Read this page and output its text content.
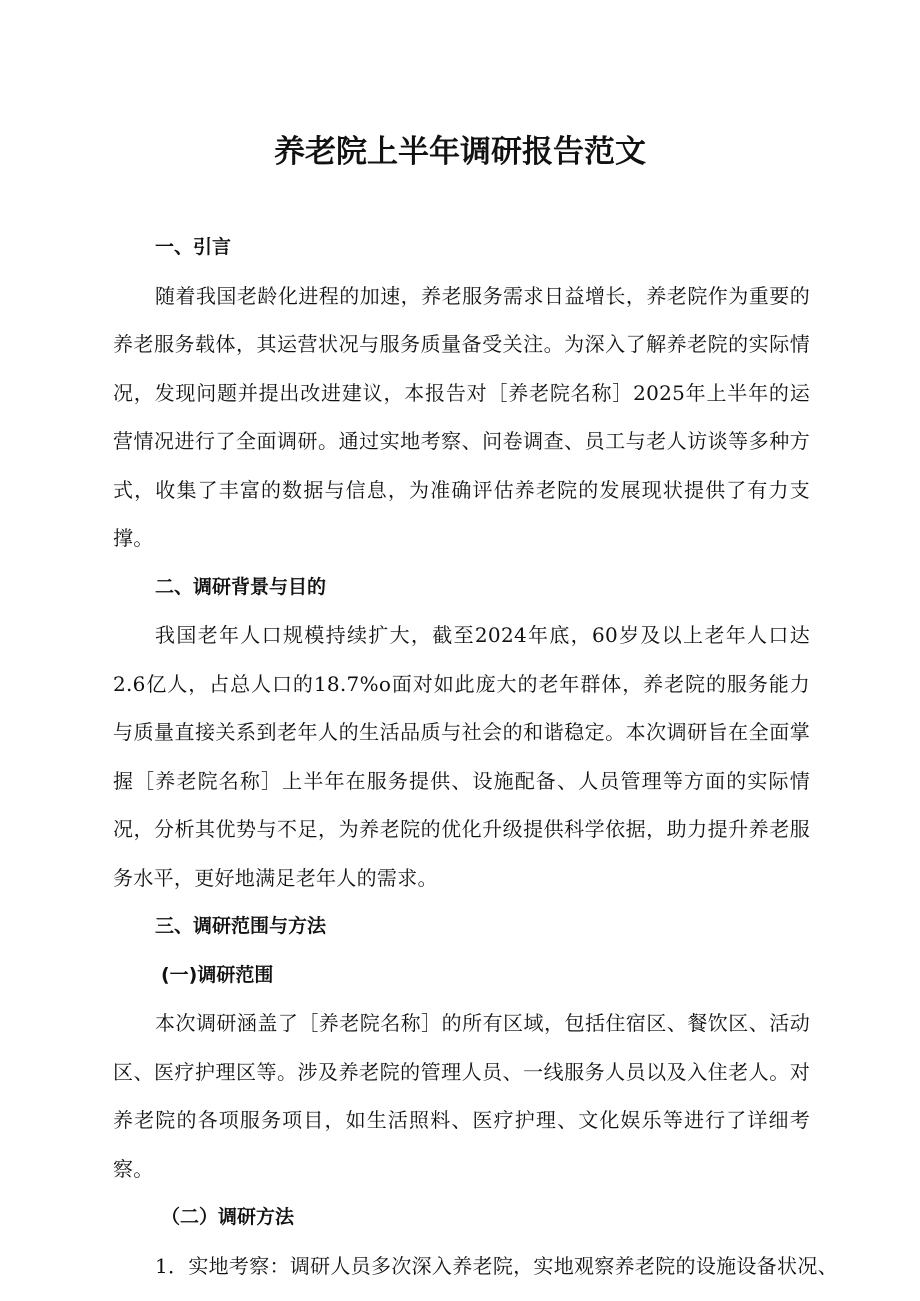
养老院上半年调研报告范文

一、引言

随着我国老龄化进程的加速，养老服务需求日益增长，养老院作为重要的养老服务载体，其运营状况与服务质量备受关注。为深入了解养老院的实际情况，发现问题并提出改进建议，本报告对［养老院名称］2025年上半年的运营情况进行了全面调研。通过实地考察、问卷调查、员工与老人访谈等多种方式，收集了丰富的数据与信息，为准确评估养老院的发展现状提供了有力支撑。

二、调研背景与目的

我国老年人口规模持续扩大，截至2024年底，60岁及以上老年人口达2.6亿人，占总人口的18.7%o面对如此庞大的老年群体，养老院的服务能力与质量直接关系到老年人的生活品质与社会的和谐稳定。本次调研旨在全面掌握［养老院名称］上半年在服务提供、设施配备、人员管理等方面的实际情况，分析其优势与不足，为养老院的优化升级提供科学依据，助力提升养老服务水平，更好地满足老年人的需求。

三、调研范围与方法

(一)调研范围

本次调研涵盖了［养老院名称］的所有区域，包括住宿区、餐饮区、活动区、医疗护理区等。涉及养老院的管理人员、一线服务人员以及入住老人。对养老院的各项服务项目，如生活照料、医疗护理、文化娱乐等进行了详细考察。

（二）调研方法

1．实地考察：调研人员多次深入养老院，实地观察养老院的设施设备状况、
